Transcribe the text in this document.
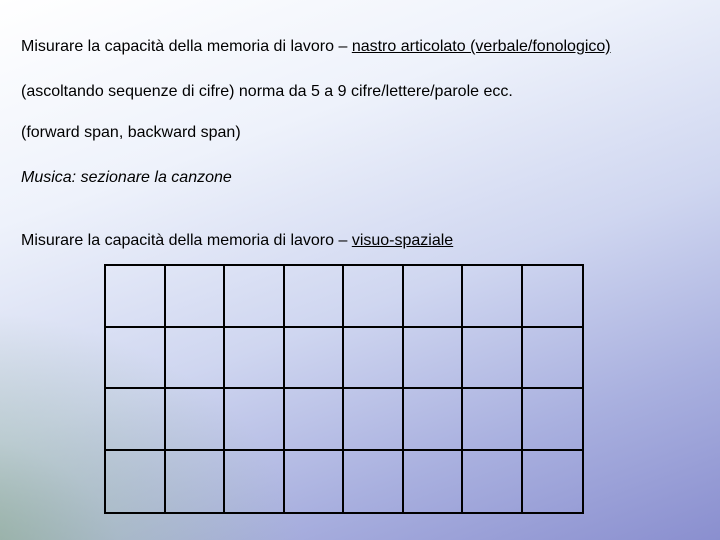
Misurare la capacità della memoria di lavoro – nastro articolato (verbale/fonologico)

(ascoltando sequenze di cifre) norma da 5 a 9 cifre/lettere/parole ecc.

(forward span, backward span)

Musica: sezionare la canzone

Misurare la capacità della memoria di lavoro – visuo-spaziale
